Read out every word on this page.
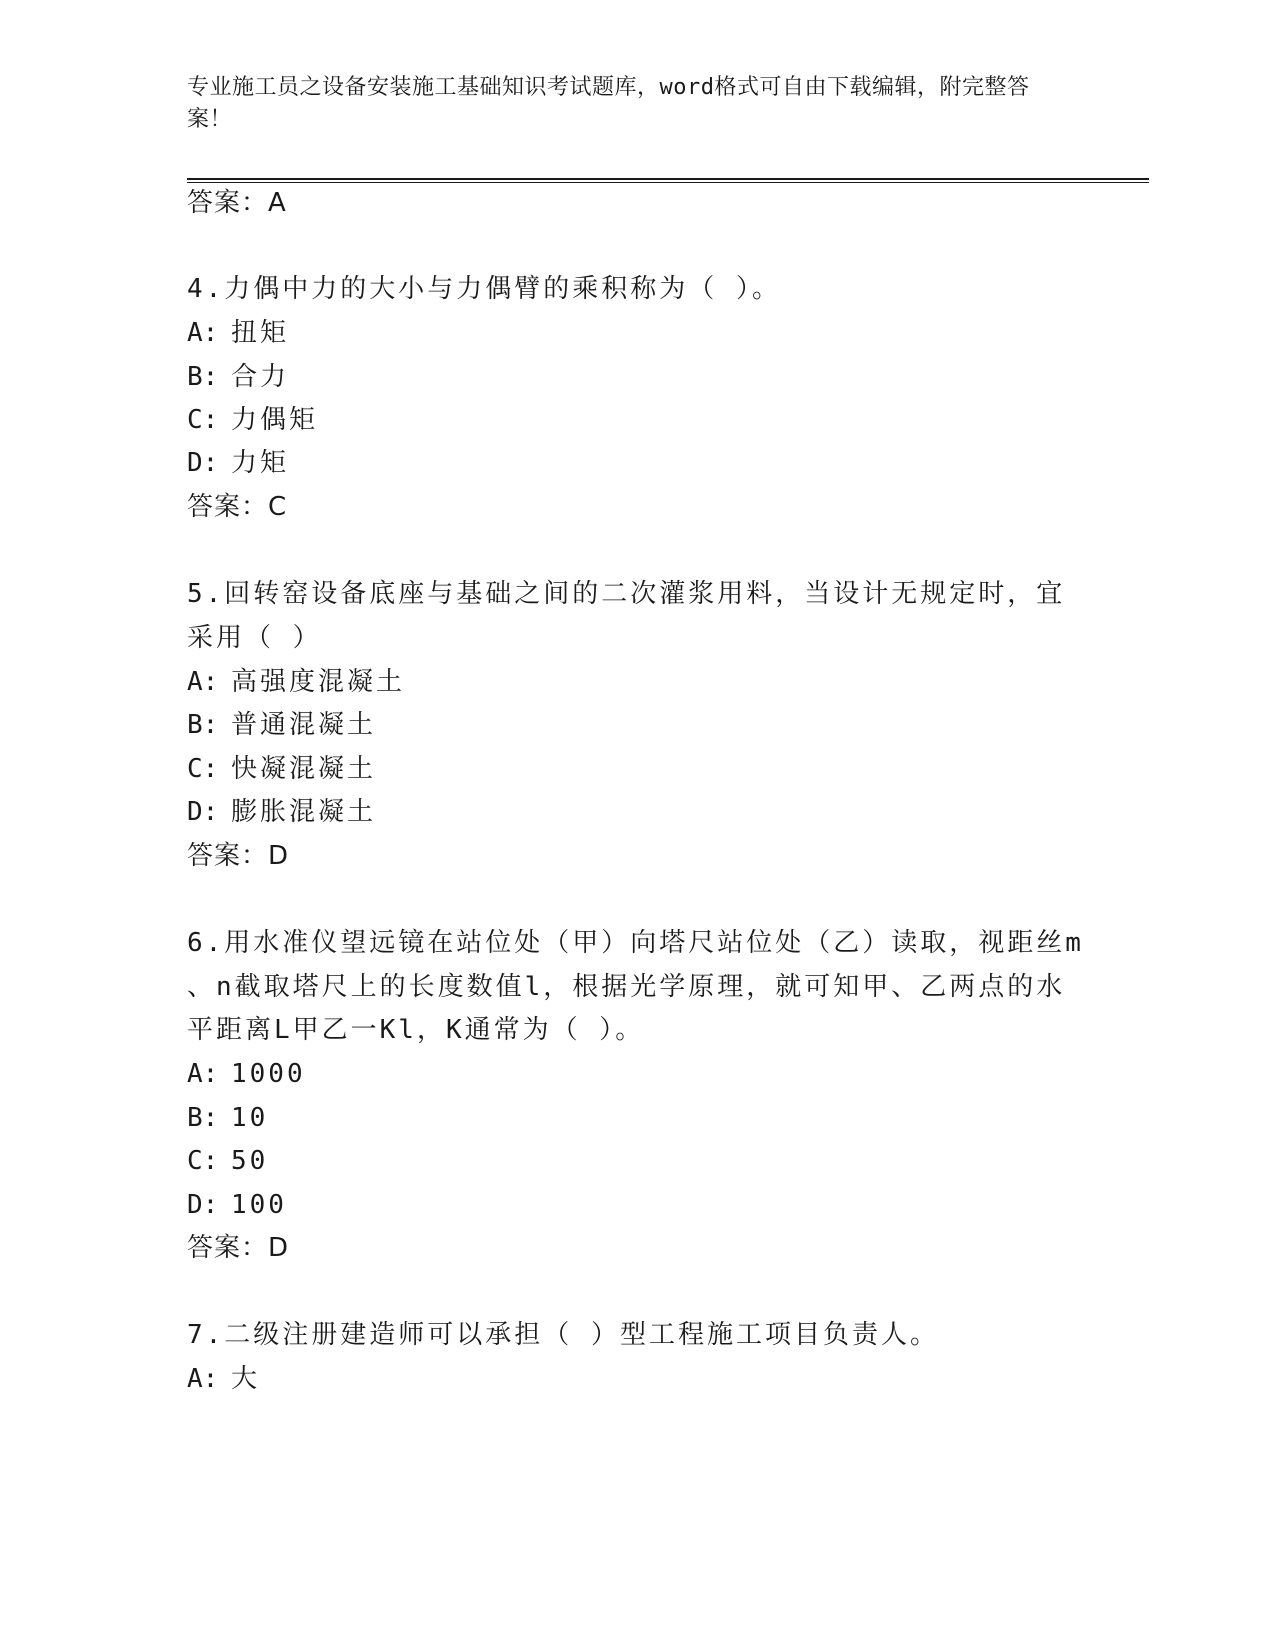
专业施工员之设备安装施工基础知识考试题库，word格式可自由下载编辑，附完整答案！
答案：A
4.力偶中力的大小与力偶臂的乘积称为（ ）。
A: 扭矩
B: 合力
C: 力偶矩
D: 力矩
答案：C
5.回转窑设备底座与基础之间的二次灌浆用料，当设计无规定时，宜
采用（ ）
A: 高强度混凝土
B: 普通混凝土
C: 快凝混凝土
D: 膨胀混凝土
答案：D
6.用水准仪望远镜在站位处（甲）向塔尺站位处（乙）读取，视距丝m
、n截取塔尺上的长度数值l，根据光学原理，就可知甲、乙两点的水
平距离L甲乙一Kl，K通常为（ ）。
A: 1000
B: 10
C: 50
D: 100
答案：D
7.二级注册建造师可以承担（ ）型工程施工项目负责人。
A: 大
